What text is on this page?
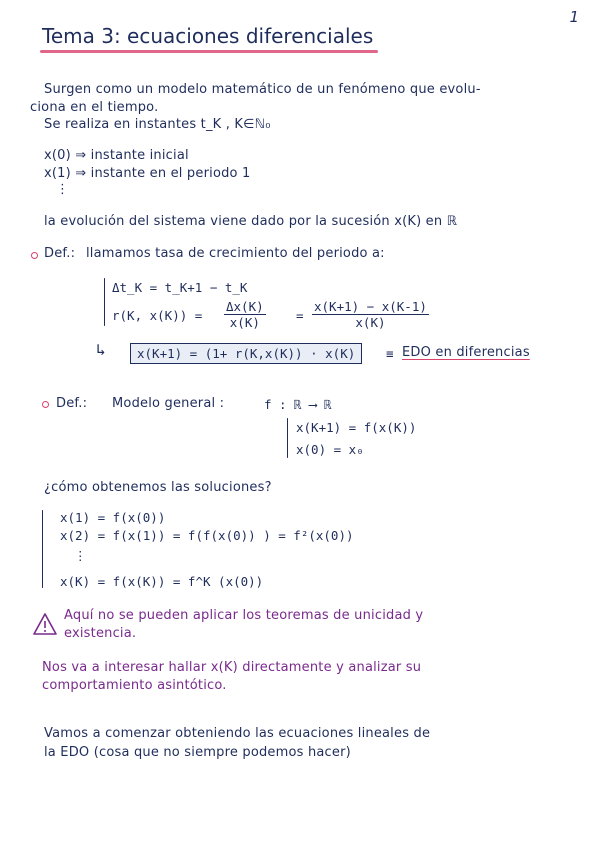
1
Tema 3: ecuaciones diferenciales
Surgen como un modelo matemático de un fenómeno que evolu-
ciona en el tiempo.
Se realiza en instantes t_K , K∈ℕ₀
x(0) ⇒ instante inicial
x(1) ⇒ instante en el periodo 1
⋮
la evolución del sistema viene dado por la sucesión x(K) en ℝ
Def.: llamamos tasa de crecimiento del periodo a:
Δt_K = t_K+1 − t_K
r(K, $x(K)) = \frac{\Delta x(K)}{x(K)} = \frac{x(K+1) - x(K-1)}{x(K)}$
↳	x(K+1) = (1+ r(K,x(K)) · x(K)	≡ EDO en diferencias
Def.: Modelo general :	f : ℝ ⟶ ℝ
x(K+1) = f(x(K))
x(0) = x₀
¿cómo obtenemos las soluciones?
x(1) = f(x(0))
x(2) = f(x(1)) = f(f(x(0)) ) = f²(x(0))
⋮
x(K) = f(x(K)) = f^K (x(0))
Aquí no se pueden aplicar los teoremas de unicidad y
existencia.
Nos va a interesar hallar x(K) directamente y analizar su
comportamiento asintótico.
Vamos a comenzar obteniendo las ecuaciones lineales de
la EDO (cosa que no siempre podemos hacer)
